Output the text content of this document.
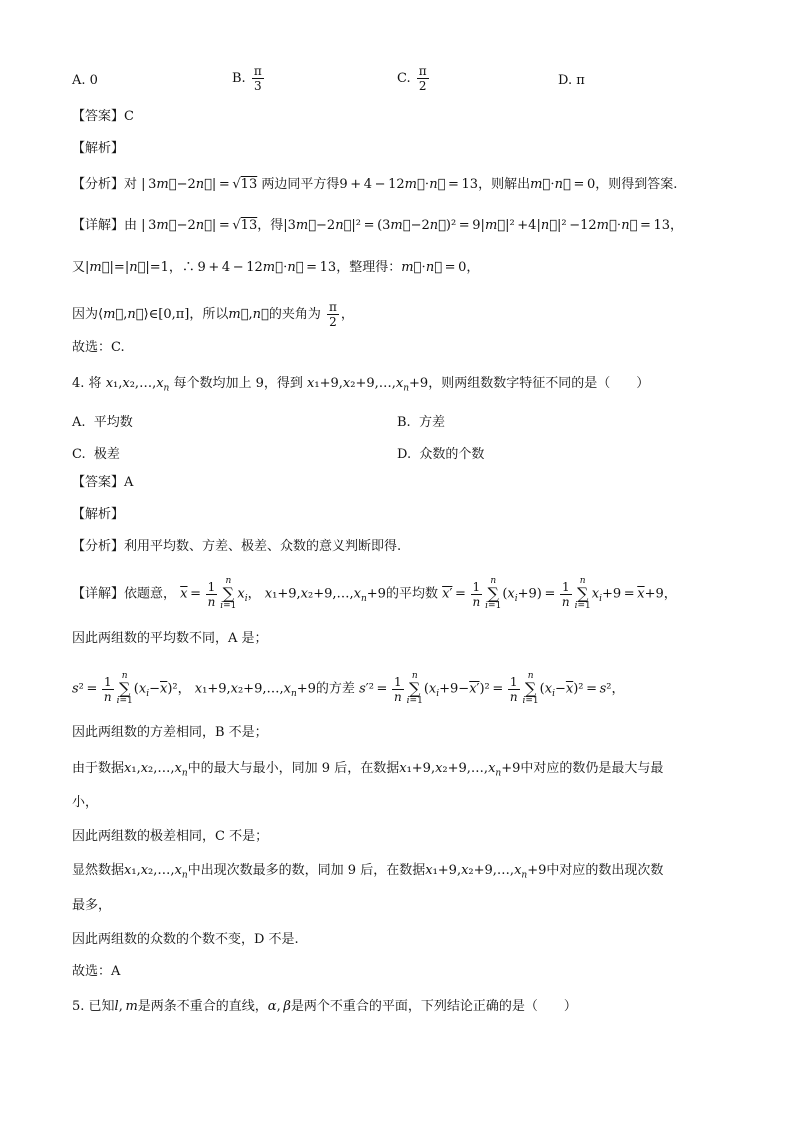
A. 0	B. $\frac{\pi}{3}$	C. $\frac{\pi}{2}$	D. π
【答案】C
【解析】
【分析】对 | 3m⃗−2n⃗| = √13 两边同平方得9 + 4 − 12m⃗⋅n⃗ = 13，则解出m⃗⋅n⃗ = 0，则得到答案.
【详解】由 | 3m⃗−2n⃗| = √13，得|3m⃗−2n⃗|² = (3m⃗−2n⃗)² = 9|m⃗|² +4|n⃗|² −12m⃗⋅n⃗ = 13，
又|m⃗|=|n⃗|=1，∴ 9 + 4 − 12m⃗⋅n⃗ = 13，整理得：m⃗⋅n⃗ = 0，
因为⟨m⃗,n⃗⟩∈[0,π]，所以m⃗,n⃗的夹角为 $\frac{\pi}{2}$ ，
故选：C.
4. 将 $x_1,x_2,\dots,x_n$ 每个数均加上 9，得到 $x_1+9,x_2+9,\dots,x_n+9$，则两组数数字特征不同的是（　　）
A. 平均数	B. 方差
C. 极差	D. 众数的个数
【答案】A
【解析】
【分析】利用平均数、方差、极差、众数的意义判断即得.
【详解】依题意， $\overline{x} = \frac{1}{n}$ n
∑
$i=1x_i$， $x_1+9,x_2+9,\dots,x_n+9$的平均数 $x' = \frac{1}{n}$ n
∑
$i=1(x_i+9) = \frac{1}{n}$ n
∑
$i=1x_i+9 = \overline{x}+9$，
因此两组数的平均数不同，A 是；
$s^2 = \frac{1}{n}$ n
∑
$i=1(x_i-\overline{x})^2$， $x_1+9,x_2+9,\dots,x_n+9$的方差 $s'^2 = \frac{1}{n}$ n
∑
$i=1(x_i+9-x')^2 = \frac{1}{n}$ n
∑
$i=1(x_i-\overline{x})^2 = s^2$，
因此两组数的方差相同，B 不是；
由于数据$x_1,x_2,\dots,x_n$中的最大与最小，同加 9 后，在数据$x_1+9,x_2+9,\dots,x_n+9$中对应的数仍是最大与最
小，
因此两组数的极差相同，C 不是；
显然数据$x_1,x_2,\dots,x_n$中出现次数最多的数，同加 9 后，在数据$x_1+9,x_2+9,\dots,x_n+9$中对应的数出现次数
最多，
因此两组数的众数的个数不变，D 不是.
故选：A
5. 已知l, m是两条不重合的直线，α, β是两个不重合的平面，下列结论正确的是（　　）
